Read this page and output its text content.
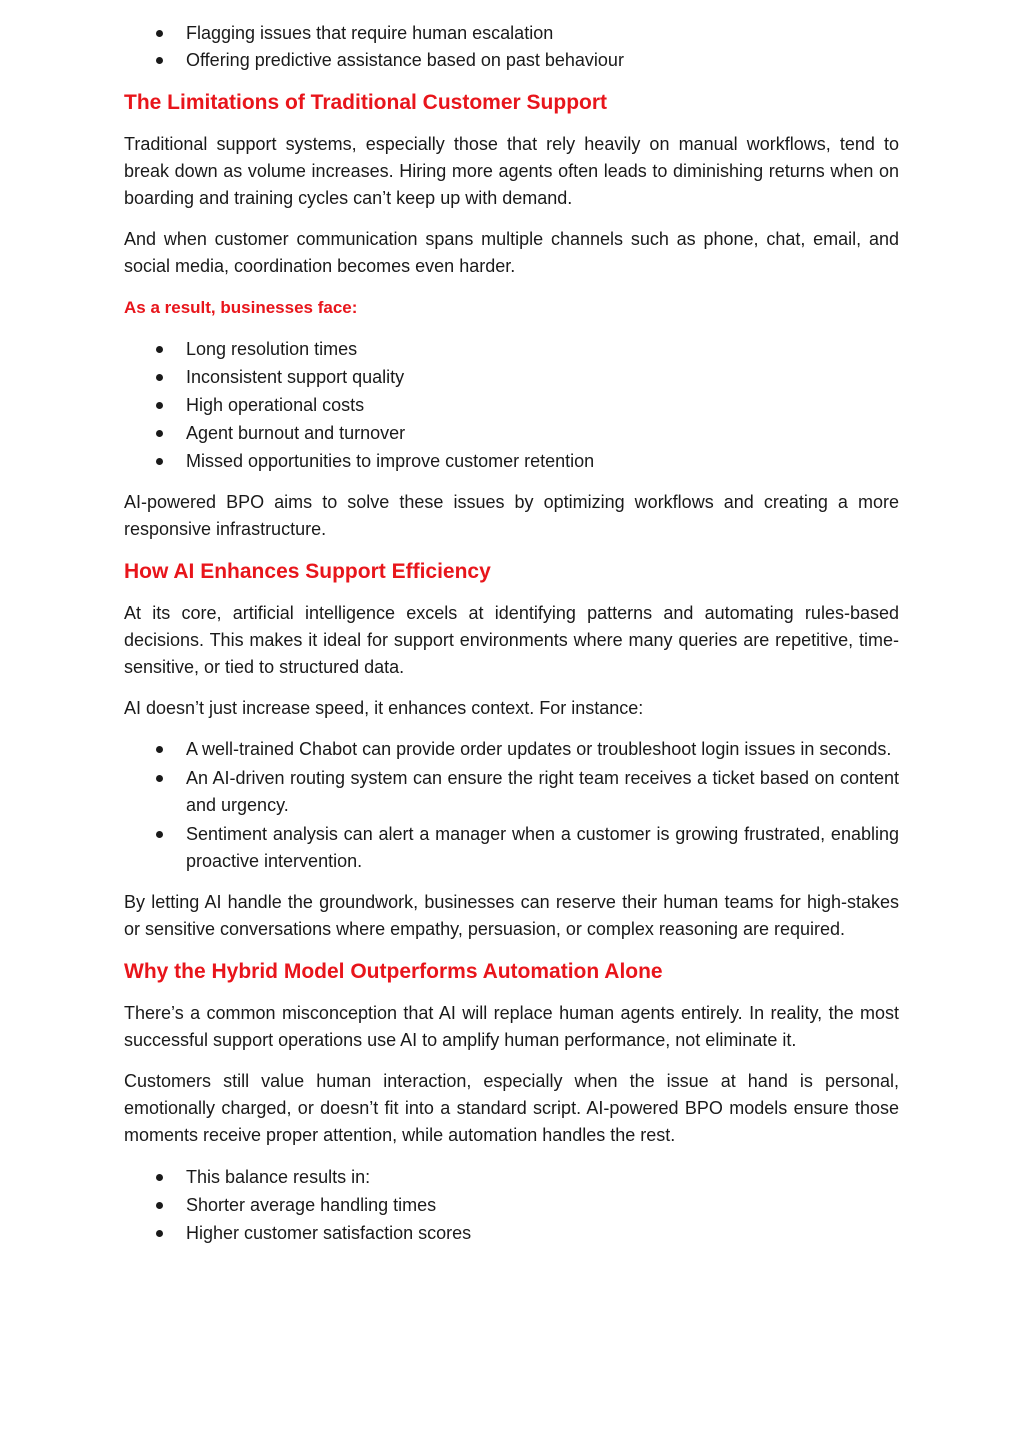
Flagging issues that require human escalation
Offering predictive assistance based on past behaviour
The Limitations of Traditional Customer Support

Traditional support systems, especially those that rely heavily on manual workflows, tend to break down as volume increases. Hiring more agents often leads to diminishing returns when on boarding and training cycles can’t keep up with demand.

And when customer communication spans multiple channels such as phone, chat, email, and social media, coordination becomes even harder.

As a result, businesses face:

Long resolution times
Inconsistent support quality
High operational costs
Agent burnout and turnover
Missed opportunities to improve customer retention

AI-powered BPO aims to solve these issues by optimizing workflows and creating a more responsive infrastructure.

How AI Enhances Support Efficiency

At its core, artificial intelligence excels at identifying patterns and automating rules-based decisions. This makes it ideal for support environments where many queries are repetitive, time-sensitive, or tied to structured data.

AI doesn’t just increase speed, it enhances context. For instance:

A well-trained Chabot can provide order updates or troubleshoot login issues in seconds.
An AI-driven routing system can ensure the right team receives a ticket based on content and urgency.
Sentiment analysis can alert a manager when a customer is growing frustrated, enabling proactive intervention.

By letting AI handle the groundwork, businesses can reserve their human teams for high-stakes or sensitive conversations where empathy, persuasion, or complex reasoning are required.

Why the Hybrid Model Outperforms Automation Alone

There’s a common misconception that AI will replace human agents entirely. In reality, the most successful support operations use AI to amplify human performance, not eliminate it.

Customers still value human interaction, especially when the issue at hand is personal, emotionally charged, or doesn’t fit into a standard script. AI-powered BPO models ensure those moments receive proper attention, while automation handles the rest.

This balance results in:
Shorter average handling times
Higher customer satisfaction scores
